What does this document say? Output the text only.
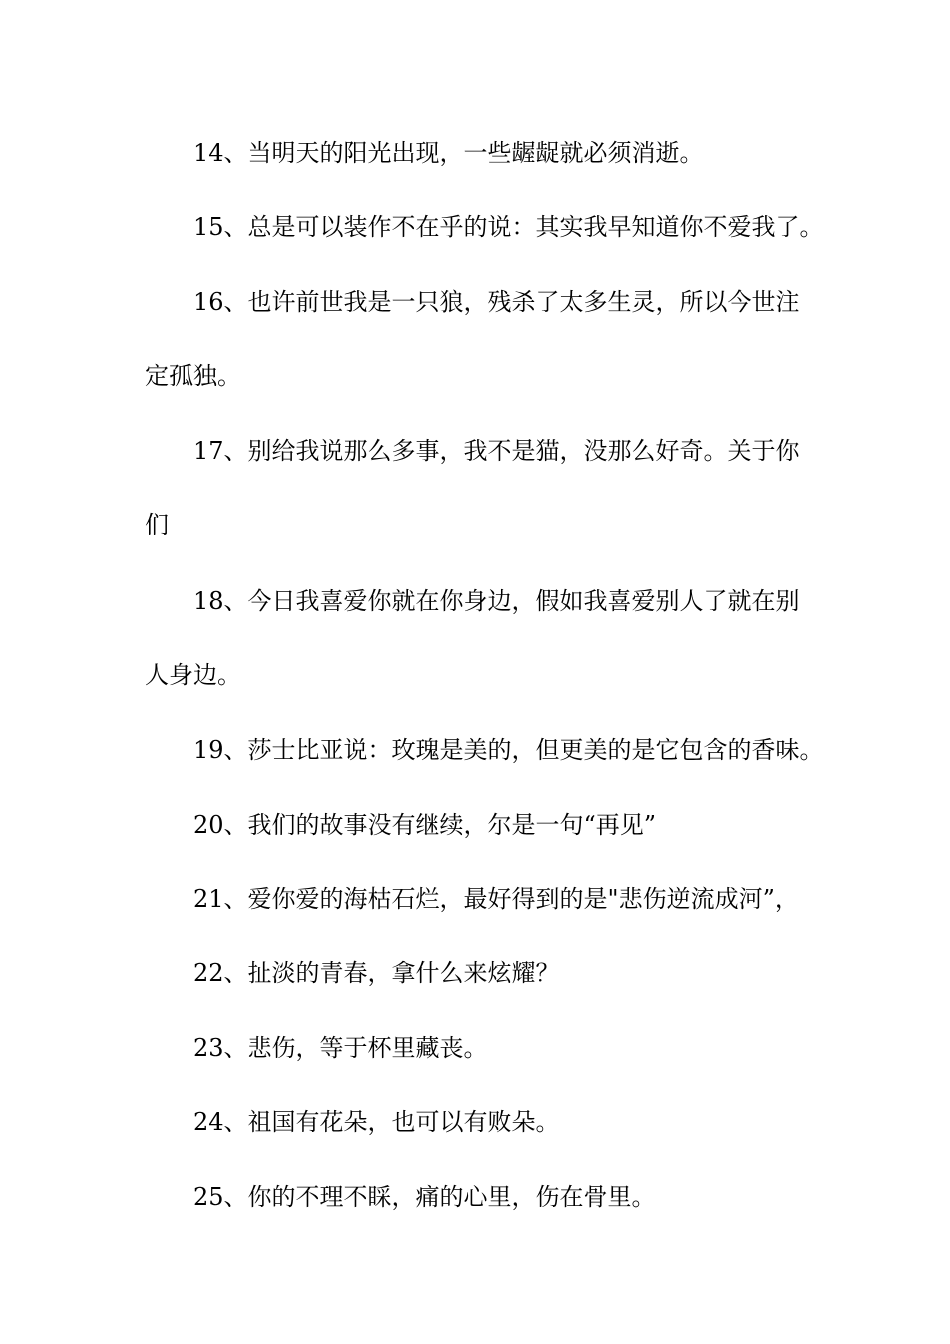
14、当明天的阳光出现，一些龌龊就必须消逝。
15、总是可以装作不在乎的说：其实我早知道你不爱我了。
16、也许前世我是一只狼，残杀了太多生灵，所以今世注
定孤独。
17、别给我说那么多事，我不是猫，没那么好奇。关于你
们
18、今日我喜爱你就在你身边，假如我喜爱别人了就在别
人身边。
19、莎士比亚说：玫瑰是美的，但更美的是它包含的香味。
20、我们的故事没有继续，尔是一句“再见”
21、爱你爱的海枯石烂，最好得到的是"悲伤逆流成河”，
22、扯淡的青春，拿什么来炫耀？
23、悲伤，等于杯里藏丧。
24、祖国有花朵，也可以有败朵。
25、你的不理不睬，痛的心里，伤在骨里。
